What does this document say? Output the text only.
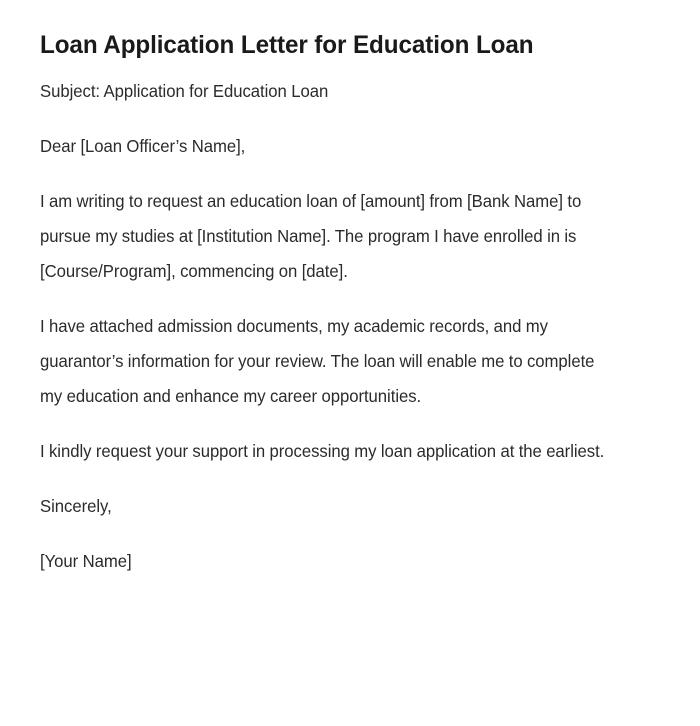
Loan Application Letter for Education Loan

Subject: Application for Education Loan

Dear [Loan Officer’s Name],

I am writing to request an education loan of [amount] from [Bank Name] to pursue my studies at [Institution Name]. The program I have enrolled in is [Course/Program], commencing on [date].

I have attached admission documents, my academic records, and my guarantor’s information for your review. The loan will enable me to complete my education and enhance my career opportunities.

I kindly request your support in processing my loan application at the earliest.

Sincerely,

[Your Name]
